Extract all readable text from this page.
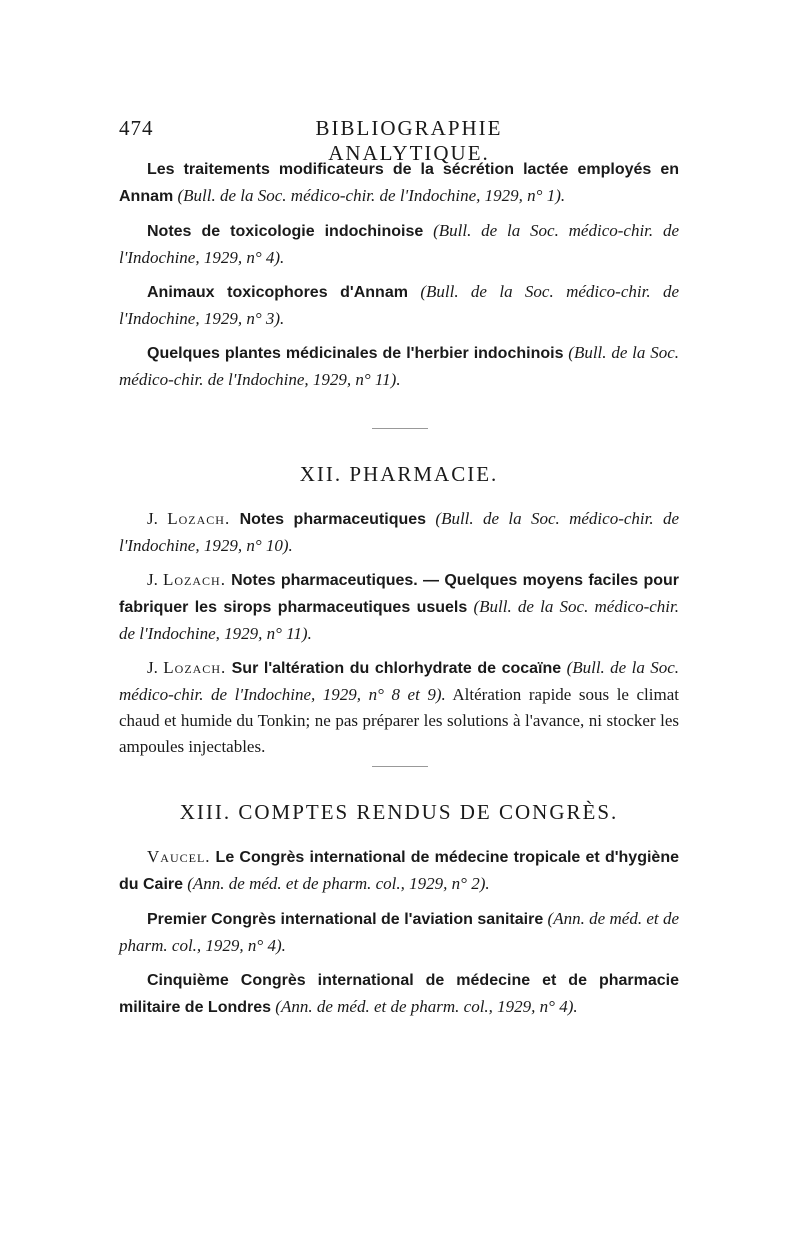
474	BIBLIOGRAPHIE ANALYTIQUE.

Les traitements modificateurs de la sécrétion lactée employés en Annam (Bull. de la Soc. médico-chir. de l'Indochine, 1929, n° 1).

Notes de toxicologie indochinoise (Bull. de la Soc. médico-chir. de l'Indochine, 1929, n° 4).

Animaux toxicophores d'Annam (Bull. de la Soc. médico-chir. de l'Indochine, 1929, n° 3).

Quelques plantes médicinales de l'herbier indochinois (Bull. de la Soc. médico-chir. de l'Indochine, 1929, n° 11).

XII. PHARMACIE.

J. Lozach. Notes pharmaceutiques (Bull. de la Soc. médico-chir. de l'Indochine, 1929, n° 10).

J. Lozach. Notes pharmaceutiques. — Quelques moyens faciles pour fabriquer les sirops pharmaceutiques usuels (Bull. de la Soc. médico-chir. de l'Indochine, 1929, n° 11).

J. Lozach. Sur l'altération du chlorhydrate de cocaïne (Bull. de la Soc. médico-chir. de l'Indochine, 1929, n° 8 et 9). Altération rapide sous le climat chaud et humide du Tonkin; ne pas préparer les solutions à l'avance, ni stocker les ampoules injectables.

XIII. COMPTES RENDUS DE CONGRÈS.

Vaucel. Le Congrès international de médecine tropicale et d'hygiène du Caire (Ann. de méd. et de pharm. col., 1929, n° 2).

Premier Congrès international de l'aviation sanitaire (Ann. de méd. et de pharm. col., 1929, n° 4).

Cinquième Congrès international de médecine et de pharmacie militaire de Londres (Ann. de méd. et de pharm. col., 1929, n° 4).
